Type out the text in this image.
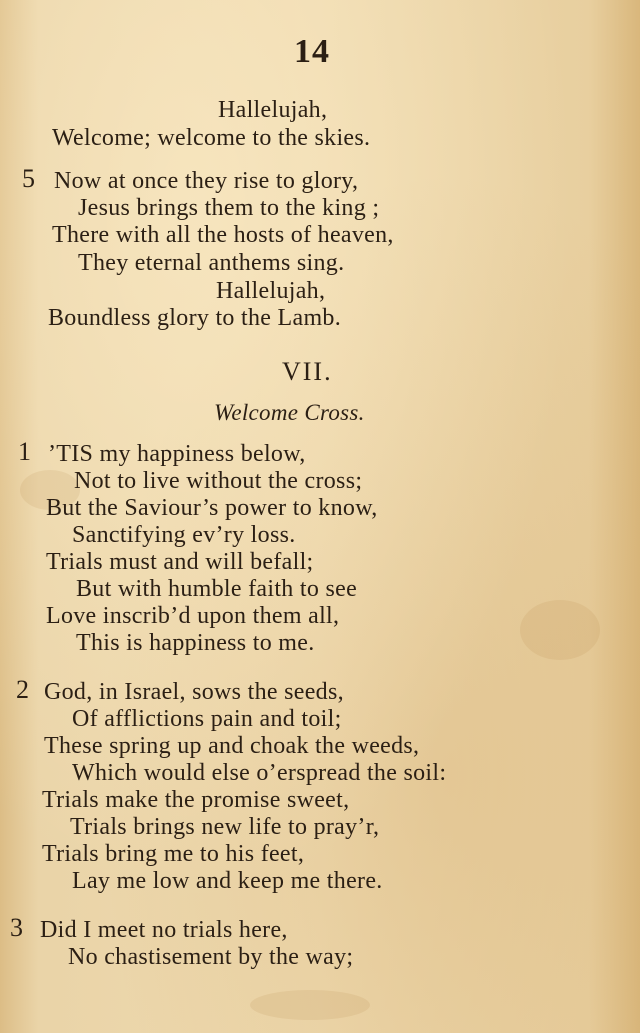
14
Hallelujah,
Welcome; welcome to the skies.
5 Now at once they rise to glory,
Jesus brings them to the king ;
There with all the hosts of heaven,
They eternal anthems sing.
Hallelujah,
Boundless glory to the Lamb.
VII.
Welcome Cross.
1 ’TIS my happiness below,
Not to live without the cross;
But the Saviour’s power to know,
Sanctifying ev’ry loss.
Trials must and will befall;
But with humble faith to see
Love inscrib’d upon them all,
This is happiness to me.
2 God, in Israel, sows the seeds,
Of afflictions pain and toil;
These spring up and choak the weeds,
Which would else o’erspread the soil:
Trials make the promise sweet,
Trials brings new life to pray’r,
Trials bring me to his feet,
Lay me low and keep me there.
3 Did I meet no trials here,
No chastisement by the way;
